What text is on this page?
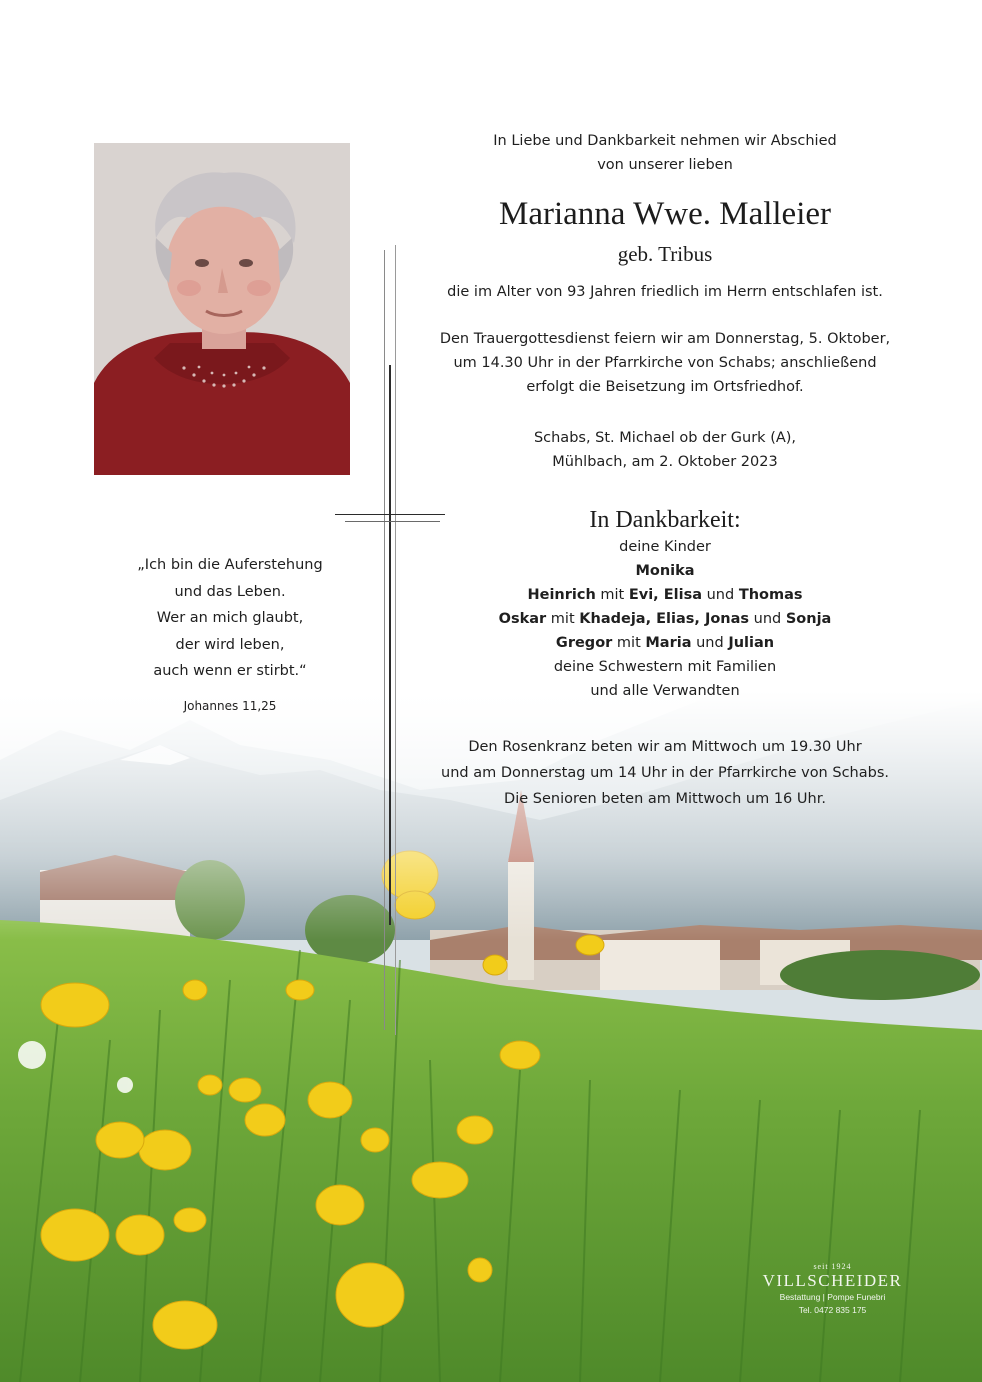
„Ich bin die Auferstehung
und das Leben.
Wer an mich glaubt,
der wird leben,
auch wenn er stirbt.“
Johannes 11,25
In Liebe und Dankbarkeit nehmen wir Abschied
von unserer lieben
Marianna Wwe. Malleier
geb. Tribus
die im Alter von 93 Jahren friedlich im Herrn entschlafen ist.
Den Trauergottesdienst feiern wir am Donnerstag, 5. Oktober,
um 14.30 Uhr in der Pfarrkirche von Schabs; anschließend
erfolgt die Beisetzung im Ortsfriedhof.
Schabs, St. Michael ob der Gurk (A),
Mühlbach, am 2. Oktober 2023
In Dankbarkeit:
deine Kinder
Monika
Heinrich mit Evi, Elisa und Thomas
Oskar mit Khadeja, Elias, Jonas und Sonja
Gregor mit Maria und Julian
deine Schwestern mit Familien
und alle Verwandten
Den Rosenkranz beten wir am Mittwoch um 19.30 Uhr
und am Donnerstag um 14 Uhr in der Pfarrkirche von Schabs.
Die Senioren beten am Mittwoch um 16 Uhr.
seit 1924
VILLSCHEIDER
Bestattung | Pompe Funebri
Tel. 0472 835 175
